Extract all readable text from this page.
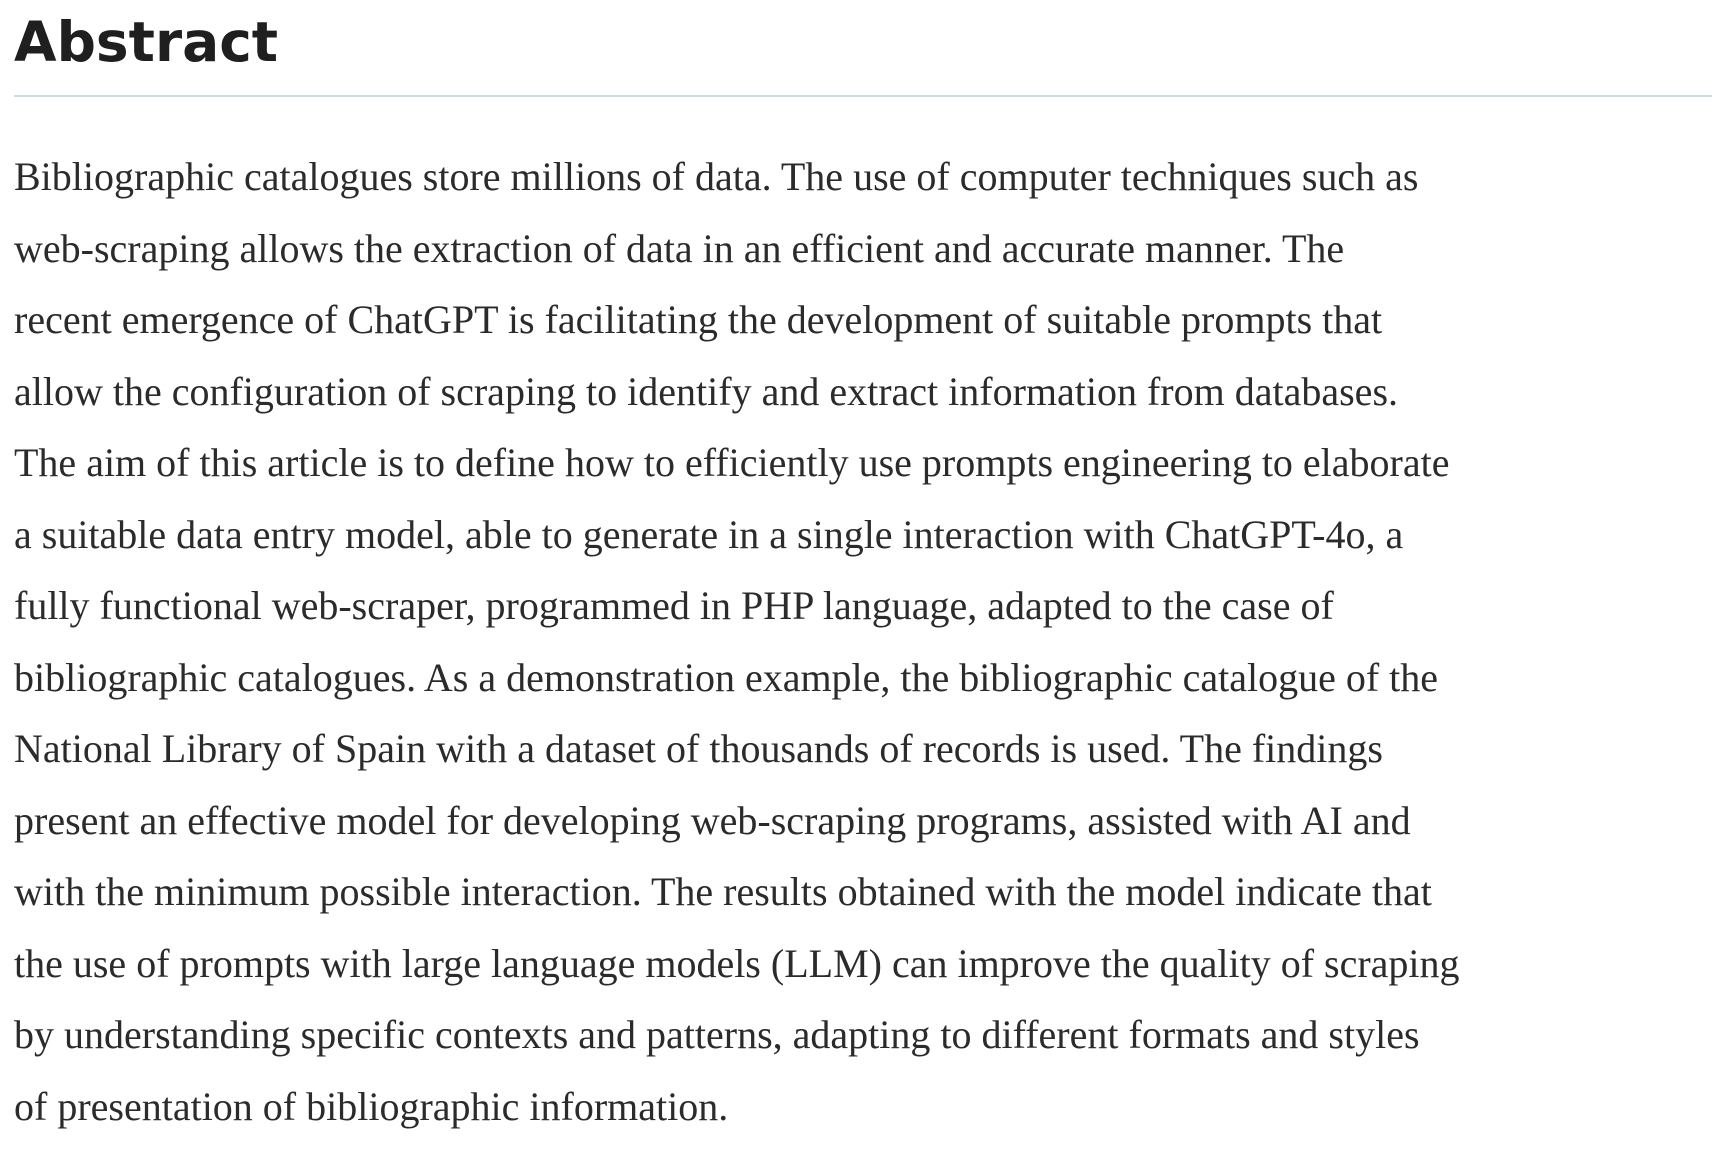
Abstract

Bibliographic catalogues store millions of data. The use of computer techniques such as
web-scraping allows the extraction of data in an efficient and accurate manner. The
recent emergence of ChatGPT is facilitating the development of suitable prompts that
allow the configuration of scraping to identify and extract information from databases.
The aim of this article is to define how to efficiently use prompts engineering to elaborate
a suitable data entry model, able to generate in a single interaction with ChatGPT-4o, a
fully functional web-scraper, programmed in PHP language, adapted to the case of
bibliographic catalogues. As a demonstration example, the bibliographic catalogue of the
National Library of Spain with a dataset of thousands of records is used. The findings
present an effective model for developing web-scraping programs, assisted with AI and
with the minimum possible interaction. The results obtained with the model indicate that
the use of prompts with large language models (LLM) can improve the quality of scraping
by understanding specific contexts and patterns, adapting to different formats and styles
of presentation of bibliographic information.
